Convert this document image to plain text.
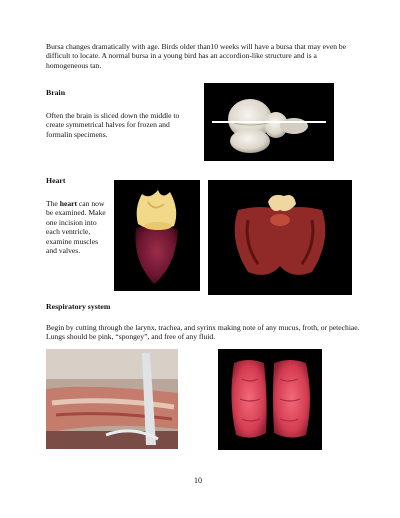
Bursa changes dramatically with age. Birds older than10 weeks will have a bursa that may even be difficult to locate. A normal bursa in a young bird has an accordion-like structure and is a homogeneous tan.
Brain
Often the brain is sliced down the middle to create symmetrical halves for frozen and formalin specimens.
Heart
The heart can now be examined. Make one incision into each ventricle, examine muscles and valves.
Respiratory system
Begin by cutting through the larynx, trachea, and syrinx making note of any mucus, froth, or petechiae. Lungs should be pink, “spongey”, and free of any fluid.
10
